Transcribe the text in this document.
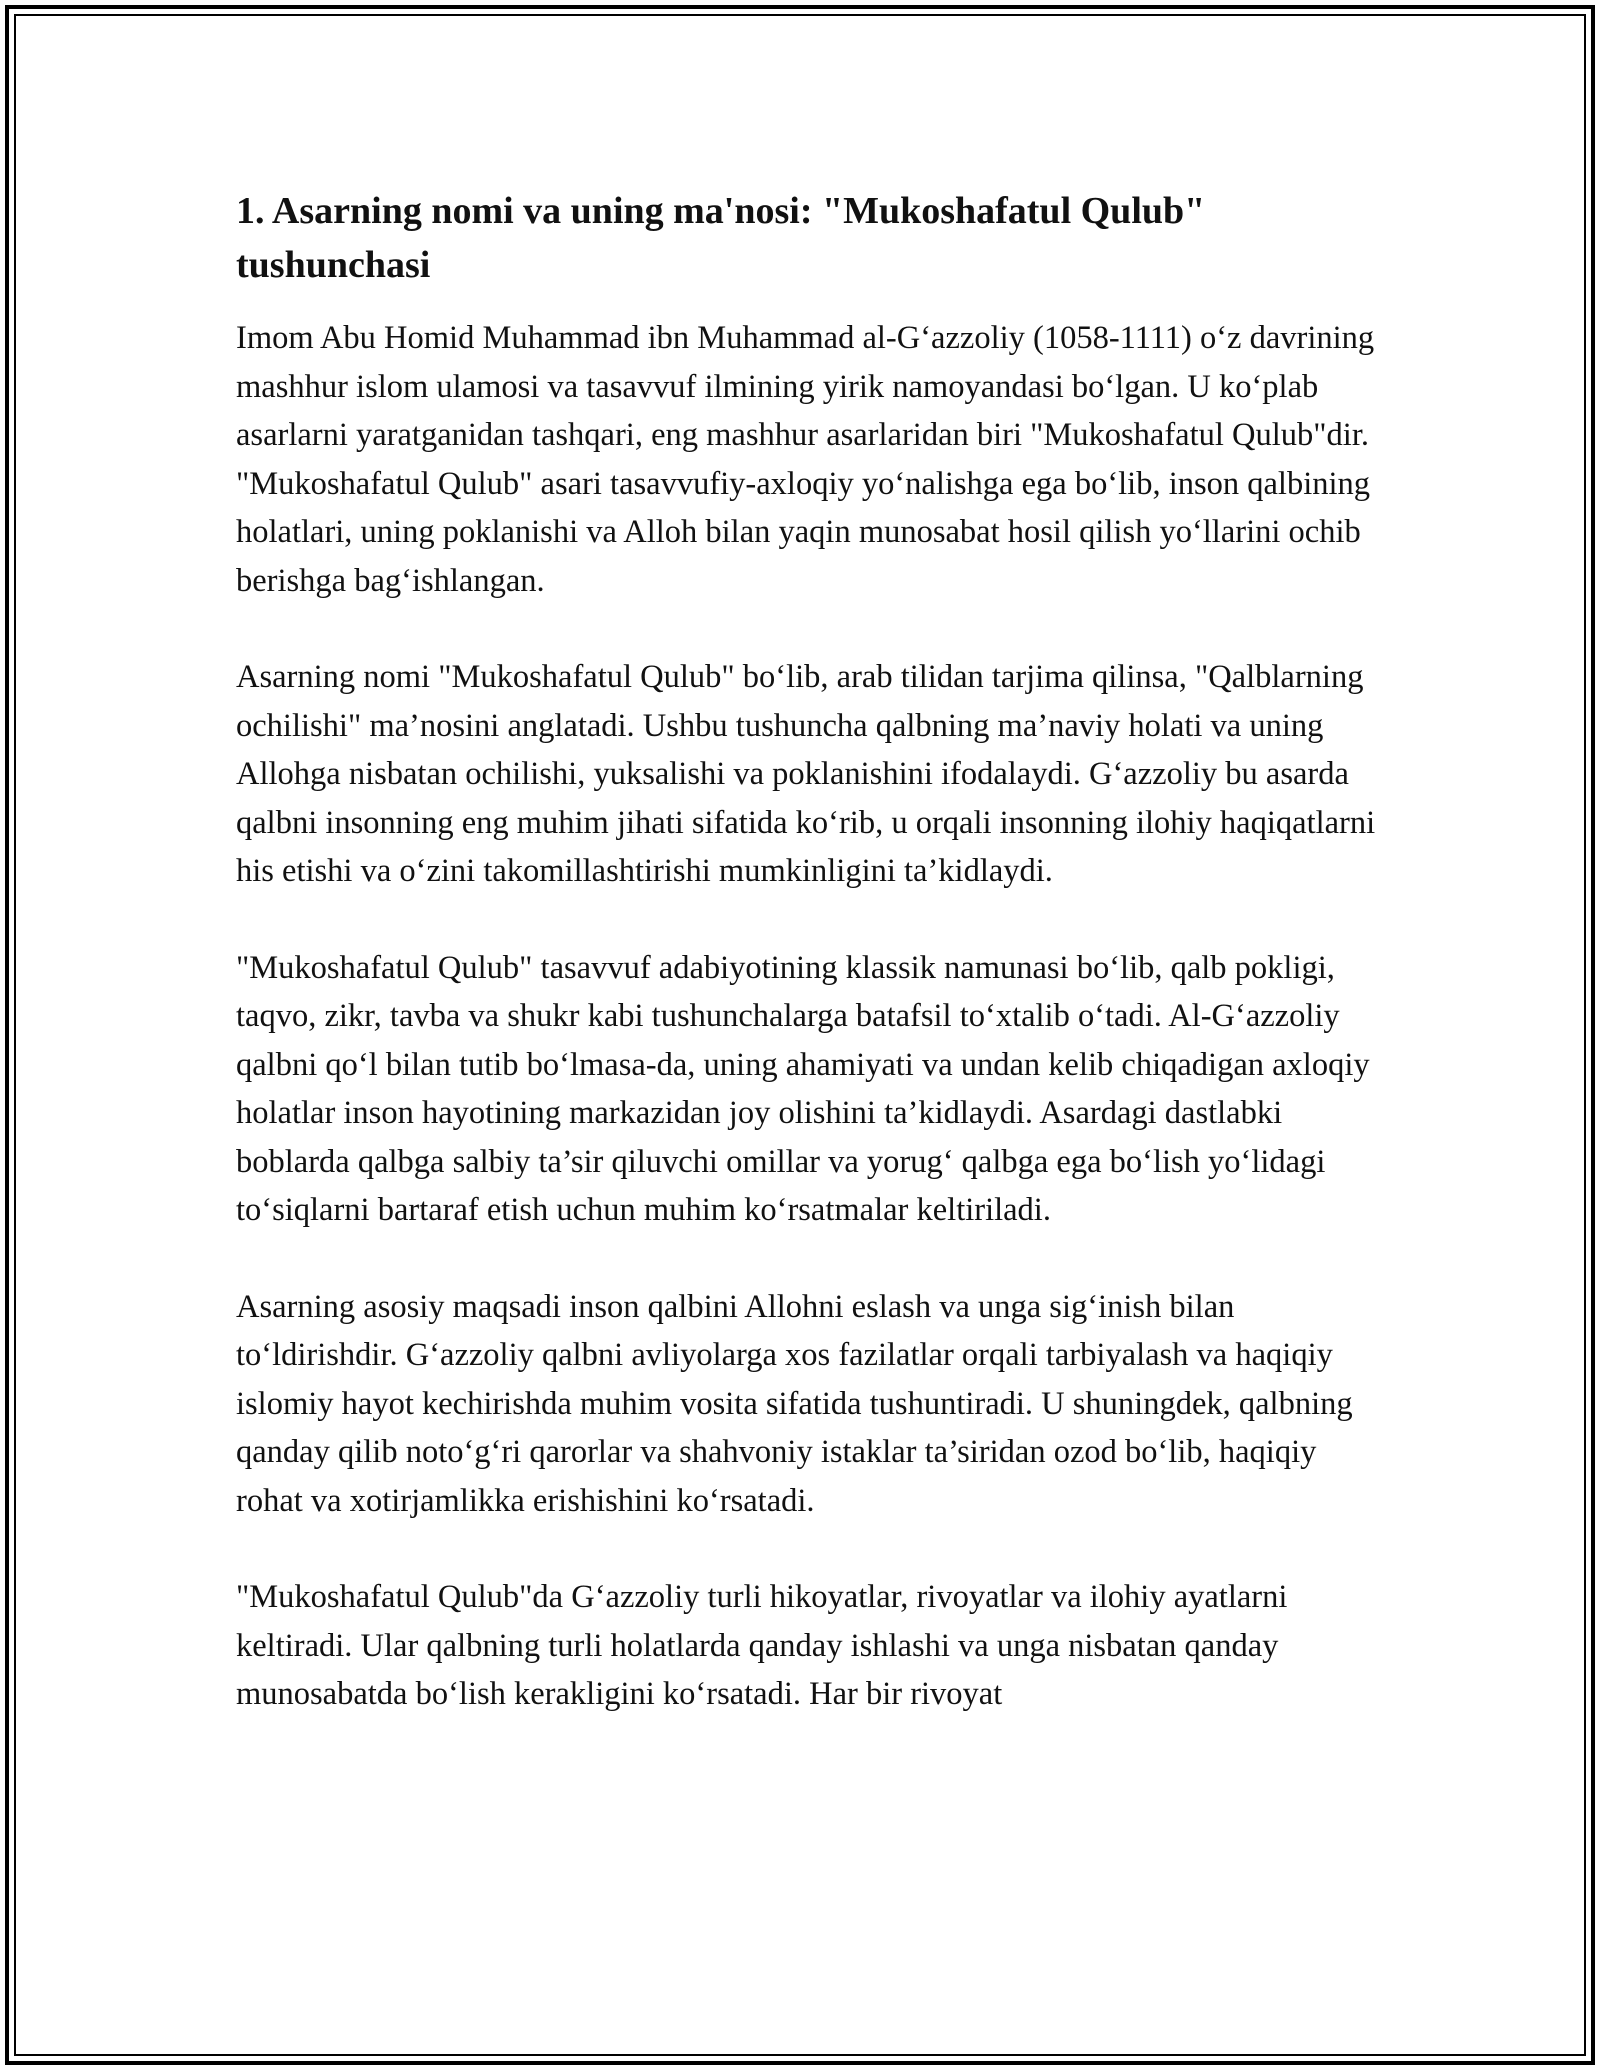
1. Asarning nomi va uning ma'nosi: "Mukoshafatul Qulub" tushunchasi

Imom Abu Homid Muhammad ibn Muhammad al-G‘azzoliy (1058-1111) o‘z davrining mashhur islom ulamosi va tasavvuf ilmining yirik namoyandasi bo‘lgan. U ko‘plab asarlarni yaratganidan tashqari, eng mashhur asarlaridan biri "Mukoshafatul Qulub"dir. "Mukoshafatul Qulub" asari tasavvufiy-axloqiy yo‘nalishga ega bo‘lib, inson qalbining holatlari, uning poklanishi va Alloh bilan yaqin munosabat hosil qilish yo‘llarini ochib berishga bag‘ishlangan.

Asarning nomi "Mukoshafatul Qulub" bo‘lib, arab tilidan tarjima qilinsa, "Qalblarning ochilishi" ma’nosini anglatadi. Ushbu tushuncha qalbning ma’naviy holati va uning Allohga nisbatan ochilishi, yuksalishi va poklanishini ifodalaydi. G‘azzoliy bu asarda qalbni insonning eng muhim jihati sifatida ko‘rib, u orqali insonning ilohiy haqiqatlarni his etishi va o‘zini takomillashtirishi mumkinligini ta’kidlaydi.

"Mukoshafatul Qulub" tasavvuf adabiyotining klassik namunasi bo‘lib, qalb pokligi, taqvo, zikr, tavba va shukr kabi tushunchalarga batafsil to‘xtalib o‘tadi. Al-G‘azzoliy qalbni qo‘l bilan tutib bo‘lmasa-da, uning ahamiyati va undan kelib chiqadigan axloqiy holatlar inson hayotining markazidan joy olishini ta’kidlaydi. Asardagi dastlabki boblarda qalbga salbiy ta’sir qiluvchi omillar va yorug‘ qalbga ega bo‘lish yo‘lidagi to‘siqlarni bartaraf etish uchun muhim ko‘rsatmalar keltiriladi.

Asarning asosiy maqsadi inson qalbini Allohni eslash va unga sig‘inish bilan to‘ldirishdir. G‘azzoliy qalbni avliyolarga xos fazilatlar orqali tarbiyalash va haqiqiy islomiy hayot kechirishda muhim vosita sifatida tushuntiradi. U shuningdek, qalbning qanday qilib noto‘g‘ri qarorlar va shahvoniy istaklar ta’siridan ozod bo‘lib, haqiqiy rohat va xotirjamlikka erishishini ko‘rsatadi.

"Mukoshafatul Qulub"da G‘azzoliy turli hikoyatlar, rivoyatlar va ilohiy ayatlarni keltiradi. Ular qalbning turli holatlarda qanday ishlashi va unga nisbatan qanday munosabatda bo‘lish kerakligini ko‘rsatadi. Har bir rivoyat
